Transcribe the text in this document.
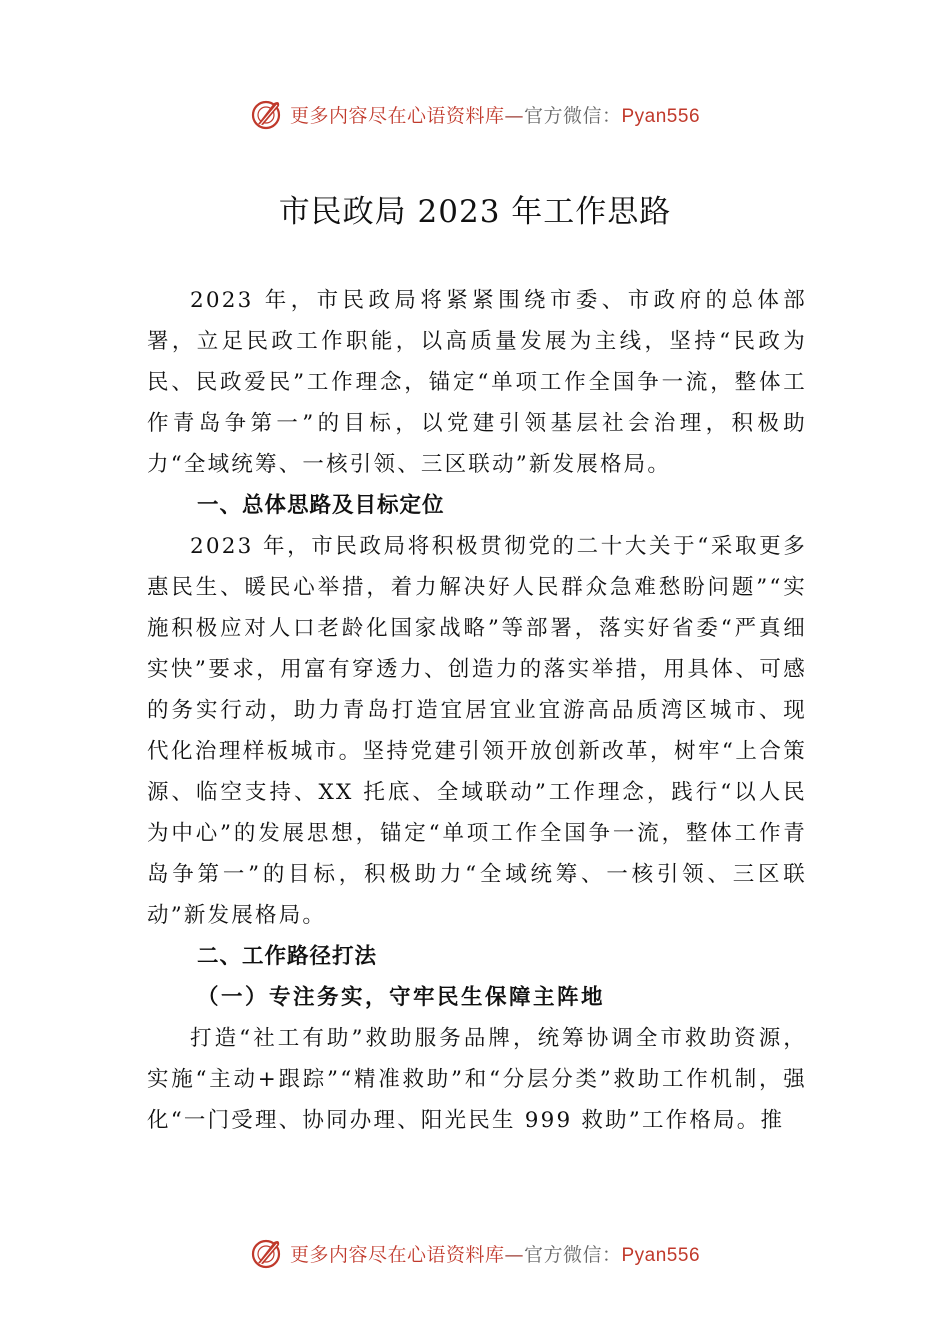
更多内容尽在心语资料库—官方微信：Pyan556
市民政局 2023 年工作思路

2023 年，市民政局将紧紧围绕市委、市政府的总体部署，立足民政工作职能，以高质量发展为主线，坚持“民政为民、民政爱民”工作理念，锚定“单项工作全国争一流，整体工作青岛争第一”的目标，以党建引领基层社会治理，积极助力“全域统筹、一核引领、三区联动”新发展格局。

一、总体思路及目标定位

2023 年，市民政局将积极贯彻党的二十大关于“采取更多惠民生、暖民心举措，着力解决好人民群众急难愁盼问题”“实施积极应对人口老龄化国家战略”等部署，落实好省委“严真细实快”要求，用富有穿透力、创造力的落实举措，用具体、可感的务实行动，助力青岛打造宜居宜业宜游高品质湾区城市、现代化治理样板城市。坚持党建引领开放创新改革，树牢“上合策源、临空支持、XX 托底、全域联动”工作理念，践行“以人民为中心”的发展思想，锚定“单项工作全国争一流，整体工作青岛争第一”的目标，积极助力“全域统筹、一核引领、三区联动”新发展格局。

二、工作路径打法

（一）专注务实，守牢民生保障主阵地

打造“社工有助”救助服务品牌，统筹协调全市救助资源，实施“主动+跟踪”“精准救助”和“分层分类”救助工作机制，强化“一门受理、协同办理、阳光民生 999 救助”工作格局。推

更多内容尽在心语资料库—官方微信：Pyan556
